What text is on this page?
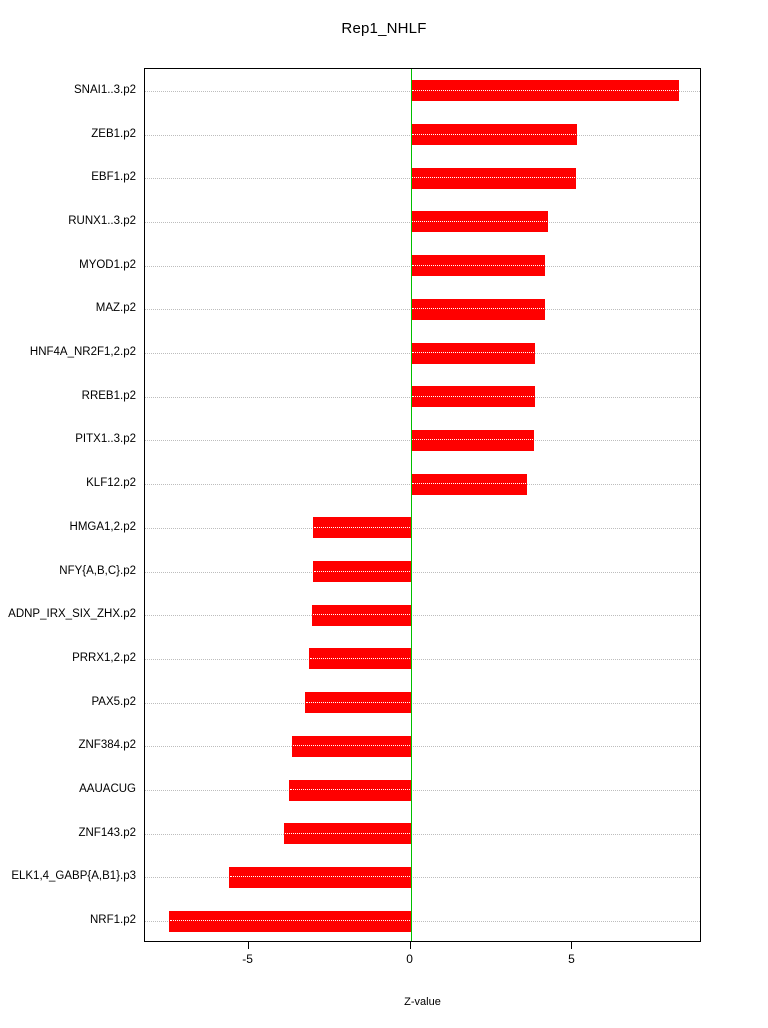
Rep1_NHLF
SNAI1..3.p2
ZEB1.p2
EBF1.p2
RUNX1..3.p2
MYOD1.p2
MAZ.p2
HNF4A_NR2F1,2.p2
RREB1.p2
PITX1..3.p2
KLF12.p2
HMGA1,2.p2
NFY{A,B,C}.p2
ADNP_IRX_SIX_ZHX.p2
PRRX1,2.p2
PAX5.p2
ZNF384.p2
AAUACUG
ZNF143.p2
ELK1,4_GABP{A,B1}.p3
NRF1.p2
-5	0	5
Z-value
